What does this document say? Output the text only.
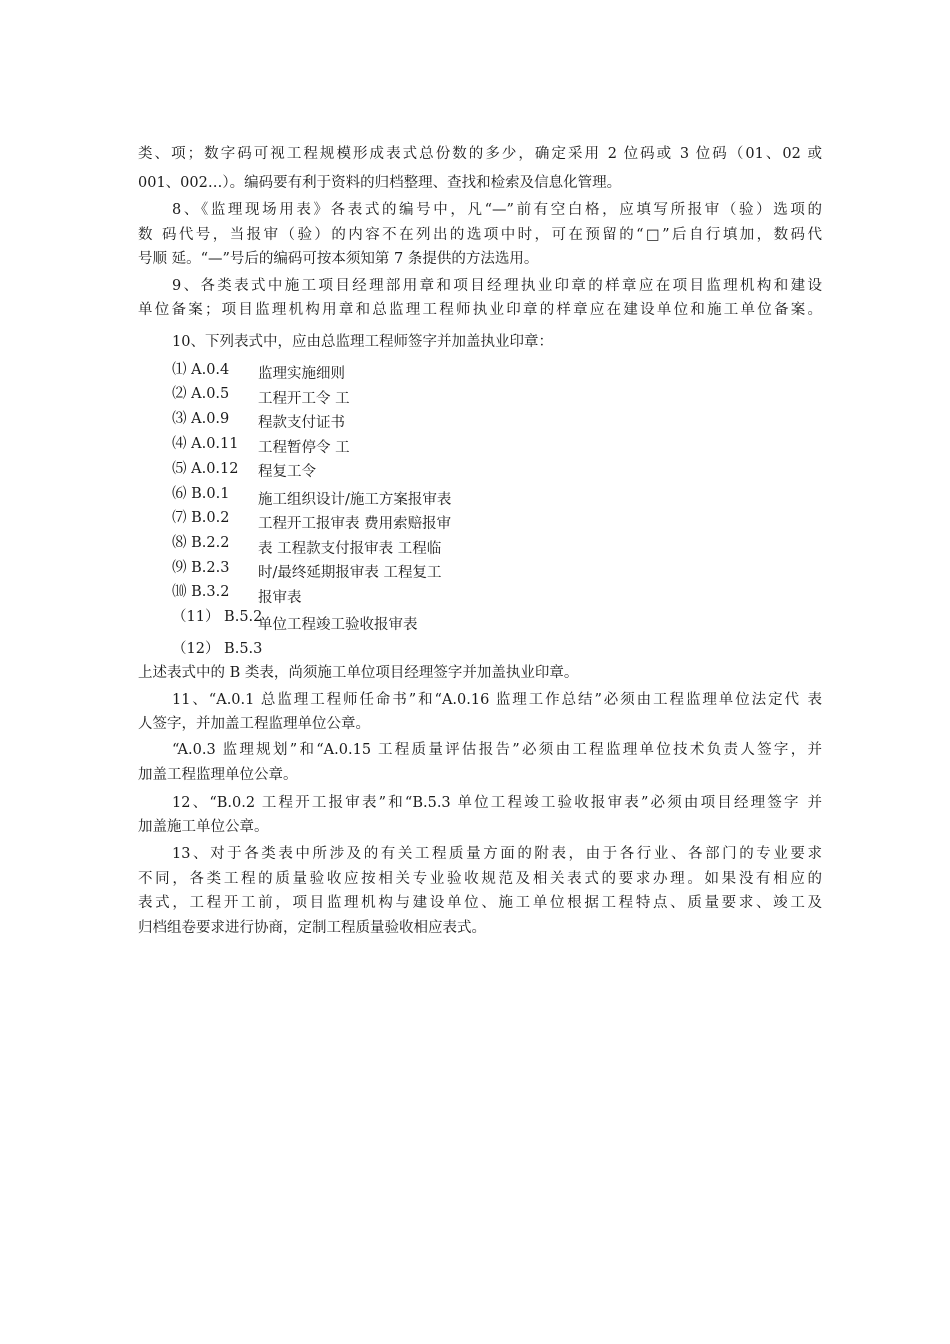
类、项；数字码可视工程规模形成表式总份数的多少，确定采用 2 位码或 3 位码（01、02 或
001、002…）。编码要有利于资料的归档整理、查找和检索及信息化管理。
8、《监理现场用表》各表式的编号中，凡“—”前有空白格，应填写所报审（验）选项的
数 码代号，当报审（验）的内容不在列出的选项中时，可在预留的“□”后自行填加，数码代
号顺 延。“—”号后的编码可按本须知第 7 条提供的方法选用。
9、各类表式中施工项目经理部用章和项目经理执业印章的样章应在项目监理机构和建设
单位备案；项目监理机构用章和总监理工程师执业印章的样章应在建设单位和施工单位备案。
10、下列表式中，应由总监理工程师签字并加盖执业印章：
⑴ A.0.4
⑵ A.0.5
⑶ A.0.9
⑷ A.0.11
⑸ A.0.12
⑹ B.0.1
⑺ B.0.2
⑻ B.2.2
⑼ B.2.3
⑽ B.3.2
（11） B.5.2
（12） B.5.3
监理实施细则
工程开工令 工
程款支付证书
工程暂停令 工
程复工令
施工组织设计/施工方案报审表
工程开工报审表 费用索赔报审
表 工程款支付报审表 工程临
时/最终延期报审表 工程复工
报审表
单位工程竣工验收报审表
上述表式中的 B 类表，尚须施工单位项目经理签字并加盖执业印章。
11、“A.0.1 总监理工程师任命书”和“A.0.16 监理工作总结”必须由工程监理单位法定代 表
人签字，并加盖工程监理单位公章。
“A.0.3 监理规划”和“A.0.15 工程质量评估报告”必须由工程监理单位技术负责人签字，并
加盖工程监理单位公章。
12、“B.0.2 工程开工报审表”和“B.5.3 单位工程竣工验收报审表”必须由项目经理签字 并
加盖施工单位公章。
13、对于各类表中所涉及的有关工程质量方面的附表，由于各行业、各部门的专业要求
不同，各类工程的质量验收应按相关专业验收规范及相关表式的要求办理。如果没有相应的
表式，工程开工前，项目监理机构与建设单位、施工单位根据工程特点、质量要求、竣工及
归档组卷要求进行协商，定制工程质量验收相应表式。
